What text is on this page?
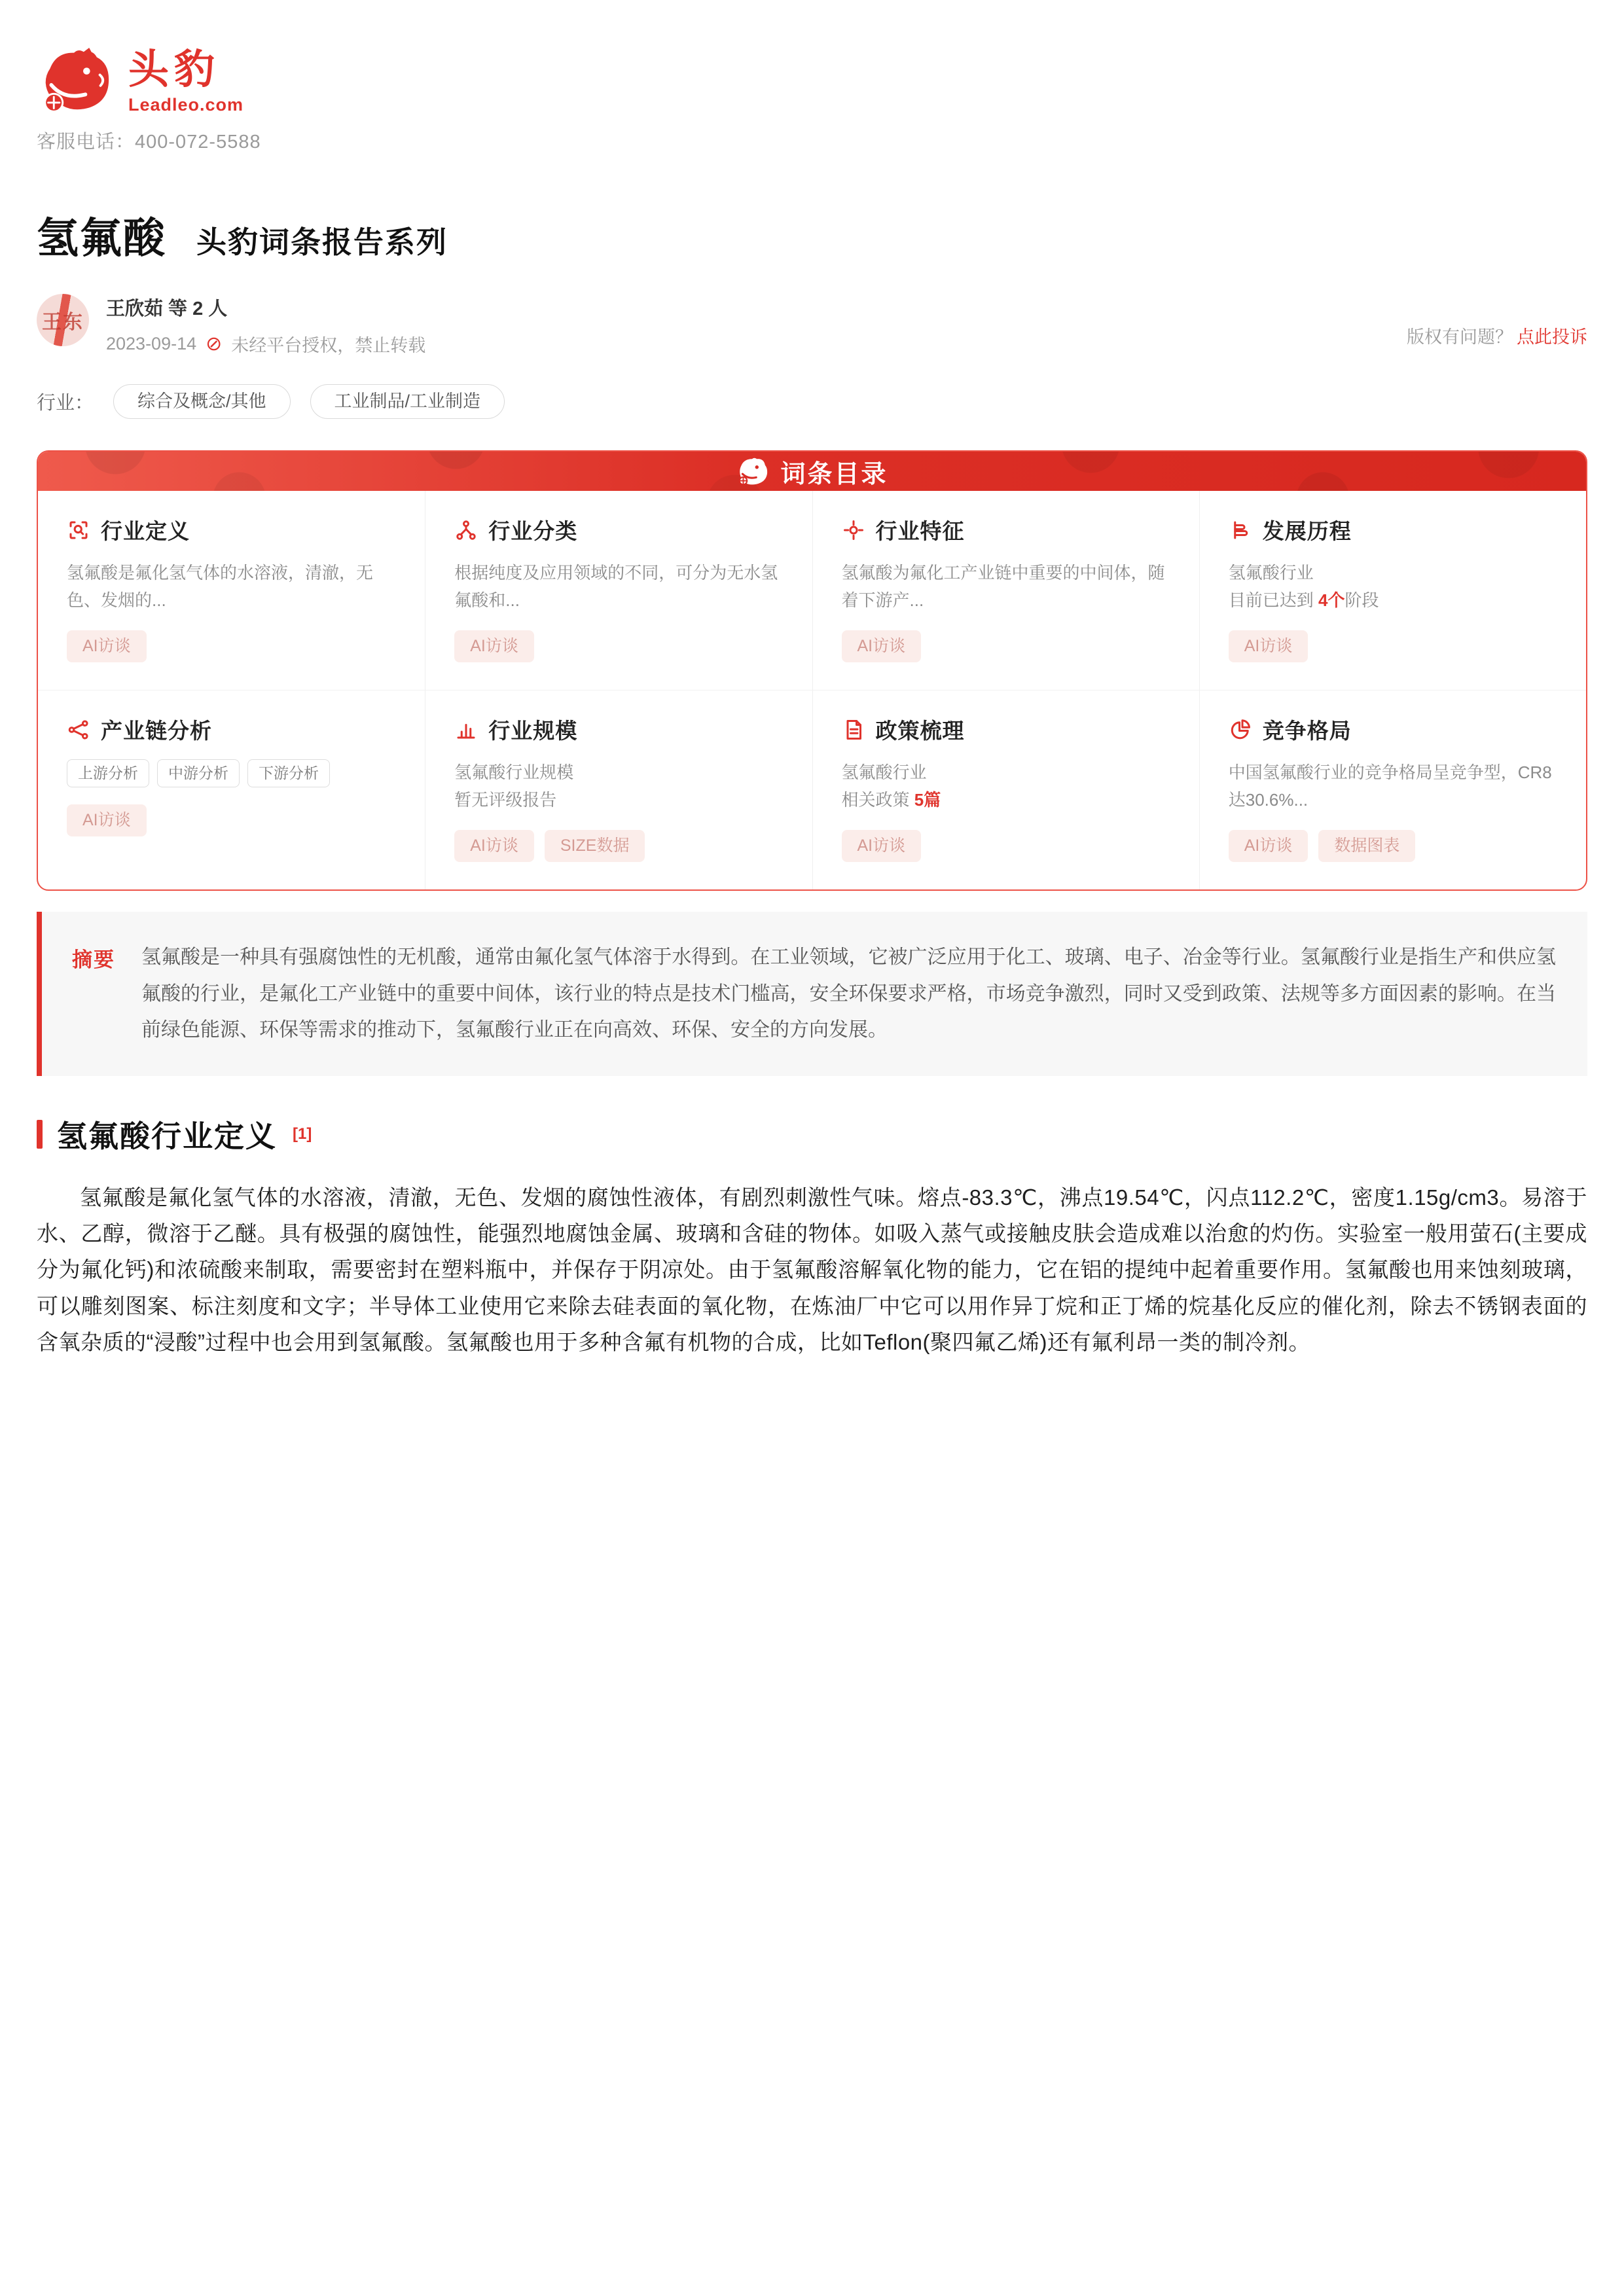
头豹
Leadleo.com
客服电话：400-072-5588
氢氟酸 头豹词条报告系列
王东
王欣茹 等 2 人
2023-09-14 ⊘ 未经平台授权，禁止转载	版权有问题？ 点此投诉
行业：	综合及概念/其他	工业制品/工业制造
词条目录
行业定义
氢氟酸是氟化氢气体的水溶液，清澈，无色、发烟的...
AI访谈
行业分类
根据纯度及应用领域的不同，可分为无水氢氟酸和...
AI访谈
行业特征
氢氟酸为氟化工产业链中重要的中间体，随着下游产...
AI访谈
发展历程
氢氟酸行业
目前已达到 4个阶段
AI访谈
产业链分析
上游分析	中游分析	下游分析
AI访谈
行业规模
氢氟酸行业规模
暂无评级报告
AI访谈	SIZE数据
政策梳理
氢氟酸行业
相关政策 5篇
AI访谈
竞争格局
中国氢氟酸行业的竞争格局呈竞争型，CR8达30.6%...
AI访谈	数据图表
摘要 氢氟酸是一种具有强腐蚀性的无机酸，通常由氟化氢气体溶于水得到。在工业领域，它被广泛应用于化工、玻璃、电子、冶金等行业。氢氟酸行业是指生产和供应氢氟酸的行业，是氟化工产业链中的重要中间体，该行业的特点是技术门槛高，安全环保要求严格，市场竞争激烈，同时又受到政策、法规等多方面因素的影响。在当前绿色能源、环保等需求的推动下，氢氟酸行业正在向高效、环保、安全的方向发展。

氢氟酸行业定义 [1]

氢氟酸是氟化氢气体的水溶液，清澈，无色、发烟的腐蚀性液体，有剧烈刺激性气味。熔点-83.3℃，沸点19.54℃，闪点112.2℃，密度1.15g/cm3。易溶于水、乙醇，微溶于乙醚。具有极强的腐蚀性，能强烈地腐蚀金属、玻璃和含硅的物体。如吸入蒸气或接触皮肤会造成难以治愈的灼伤。实验室一般用萤石(主要成分为氟化钙)和浓硫酸来制取，需要密封在塑料瓶中，并保存于阴凉处。由于氢氟酸溶解氧化物的能力，它在铝的提纯中起着重要作用。氢氟酸也用来蚀刻玻璃，可以雕刻图案、标注刻度和文字；半导体工业使用它来除去硅表面的氧化物，在炼油厂中它可以用作异丁烷和正丁烯的烷基化反应的催化剂，除去不锈钢表面的含氧杂质的“浸酸”过程中也会用到氢氟酸。氢氟酸也用于多种含氟有机物的合成，比如Teflon(聚四氟乙烯)还有氟利昂一类的制冷剂。
